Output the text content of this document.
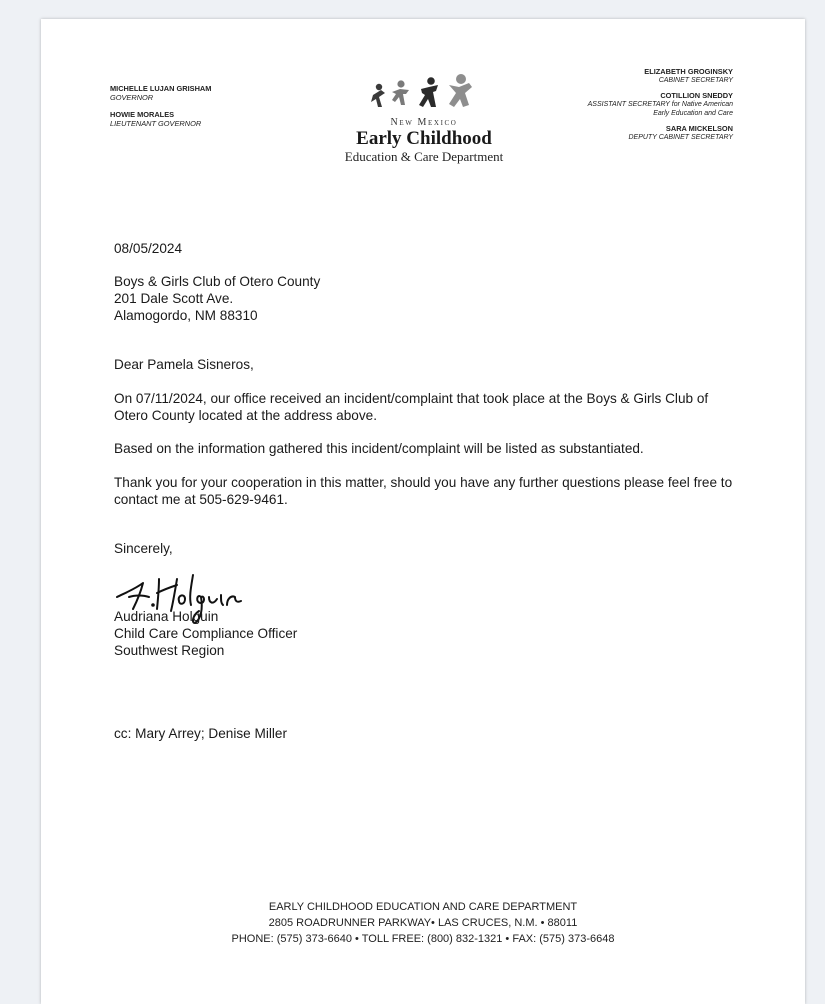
MICHELLE LUJAN GRISHAM
GOVERNOR
HOWIE MORALES
LIEUTENANT GOVERNOR	New Mexico
Early Childhood
Education & Care Department
ELIZABETH GROGINSKY
CABINET SECRETARY
COTILLION SNEDDY
ASSISTANT SECRETARY for Native American
Early Education and Care
SARA MICKELSON
DEPUTY CABINET SECRETARY
08/05/2024

Boys & Girls Club of Otero County

201 Dale Scott Ave.

Alamogordo, NM 88310

Dear Pamela Sisneros,
On 07/11/2024, our office received an incident/complaint that took place at the Boys & Girls Club of Otero County located at the address above.
Based on the information gathered this incident/complaint will be listed as substantiated.
Thank you for your cooperation in this matter, should you have any further questions please feel free to contact me at 505-629-9461.
Sincerely,

Audriana Holguin

Child Care Compliance Officer

Southwest Region

cc: Mary Arrey; Denise Miller
EARLY CHILDHOOD EDUCATION AND CARE DEPARTMENT
2805 ROADRUNNER PARKWAY• LAS CRUCES, N.M. • 88011
PHONE: (575) 373-6640 • TOLL FREE: (800) 832-1321 • FAX: (575) 373-6648
